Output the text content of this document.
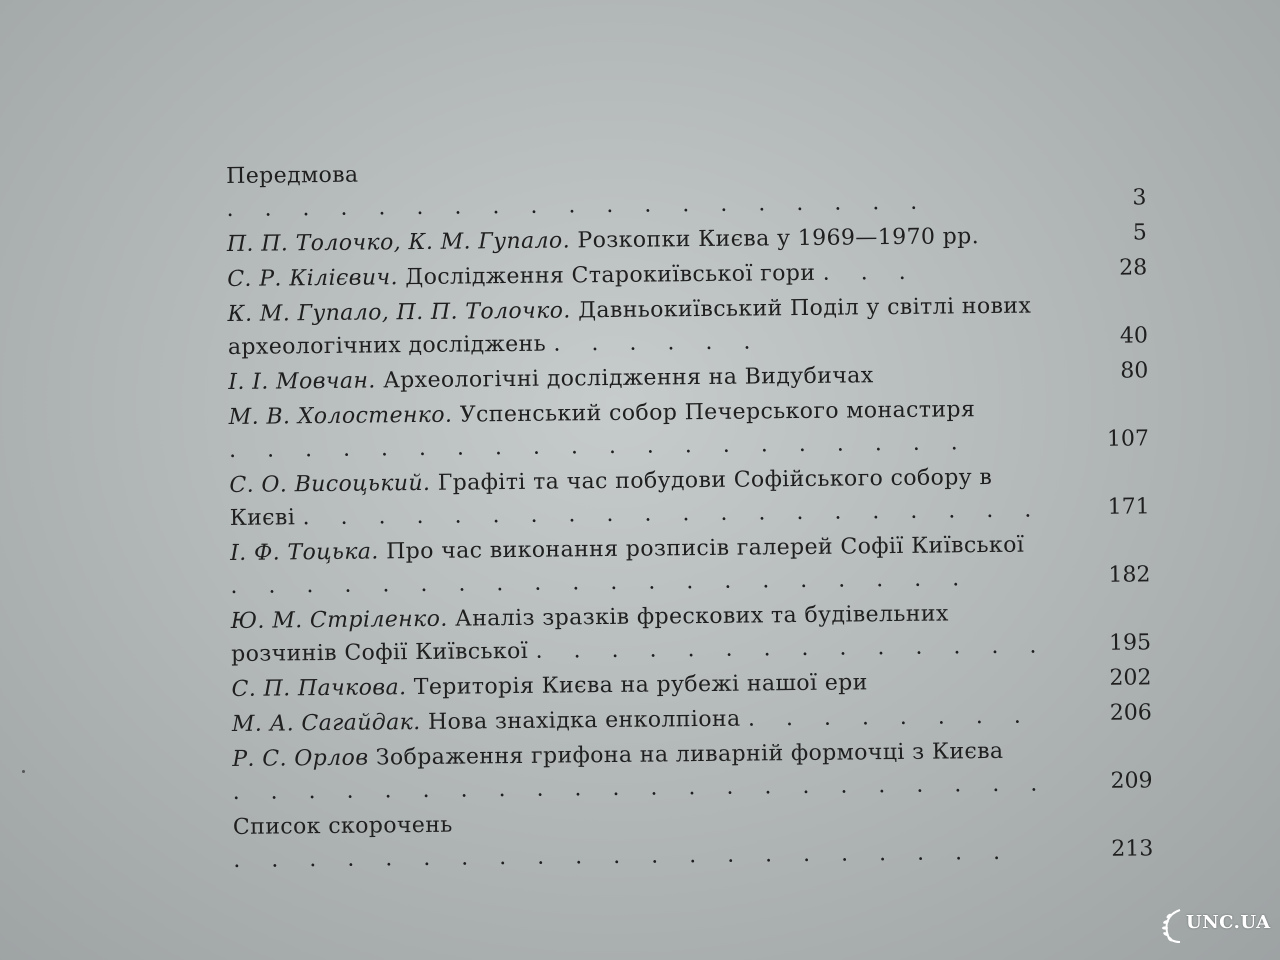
Передмова . . . . . . . . . . . . . . . . . . .	3
П. П. Толочко, К. М. Гупало. Розкопки Києва у 1969—1970 рр.	5
С. Р. Кілієвич. Дослідження Старокиївської гори . . .	28
К. М. Гупало, П. П. Толочко. Давньокиївський Поділ у світлі нових археологічних досліджень . . . . . .	40
І. І. Мовчан. Археологічні дослідження на Видубичах	80
М. В. Холостенко. Успенський собор Печерського монастиря . . . . . . . . . . . . . . . . . . . .	107
С. О. Висоцький. Графіті та час побудови Софійського собору в Києві . . . . . . . . . . . . . . . . . . . .	171
І. Ф. Тоцька. Про час виконання розписів галерей Софії Київської . . . . . . . . . . . . . . . . . . . .	182
Ю. М. Стріленко. Аналіз зразків фрескових та будівельних розчинів Софії Київської . . . . . . . . . . . . . .	195
С. П. Пачкова. Територія Києва на рубежі нашої ери	202
М. А. Сагайдак. Нова знахідка енколпіона . . . . . . . .	206
Р. С. Орлов Зображення грифона на ливарній формочці з Києва . . . . . . . . . . . . . . . . . . . . . .	209
Список скорочень . . . . . . . . . . . . . . . . . . . . .	213
UNC.UA
